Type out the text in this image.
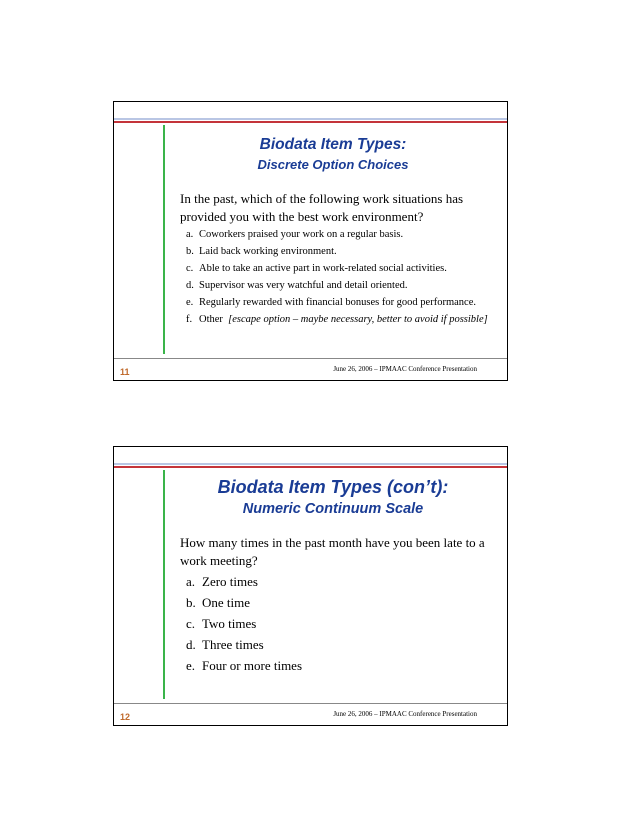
Biodata Item Types:
Discrete Option Choices
In the past, which of the following work situations has provided you with the best work environment?
a. Coworkers praised your work on a regular basis.
b. Laid back working environment.
c. Able to take an active part in work-related social activities.
d. Supervisor was very watchful and detail oriented.
e. Regularly rewarded with financial bonuses for good performance.
f. Other [escape option – maybe necessary, better to avoid if possible]
11	June 26, 2006 – IPMAAC Conference Presentation
Biodata Item Types (con’t):
Numeric Continuum Scale
How many times in the past month have you been late to a work meeting?
a. Zero times
b. One time
c. Two times
d. Three times
e. Four or more times
12	June 26, 2006 – IPMAAC Conference Presentation
